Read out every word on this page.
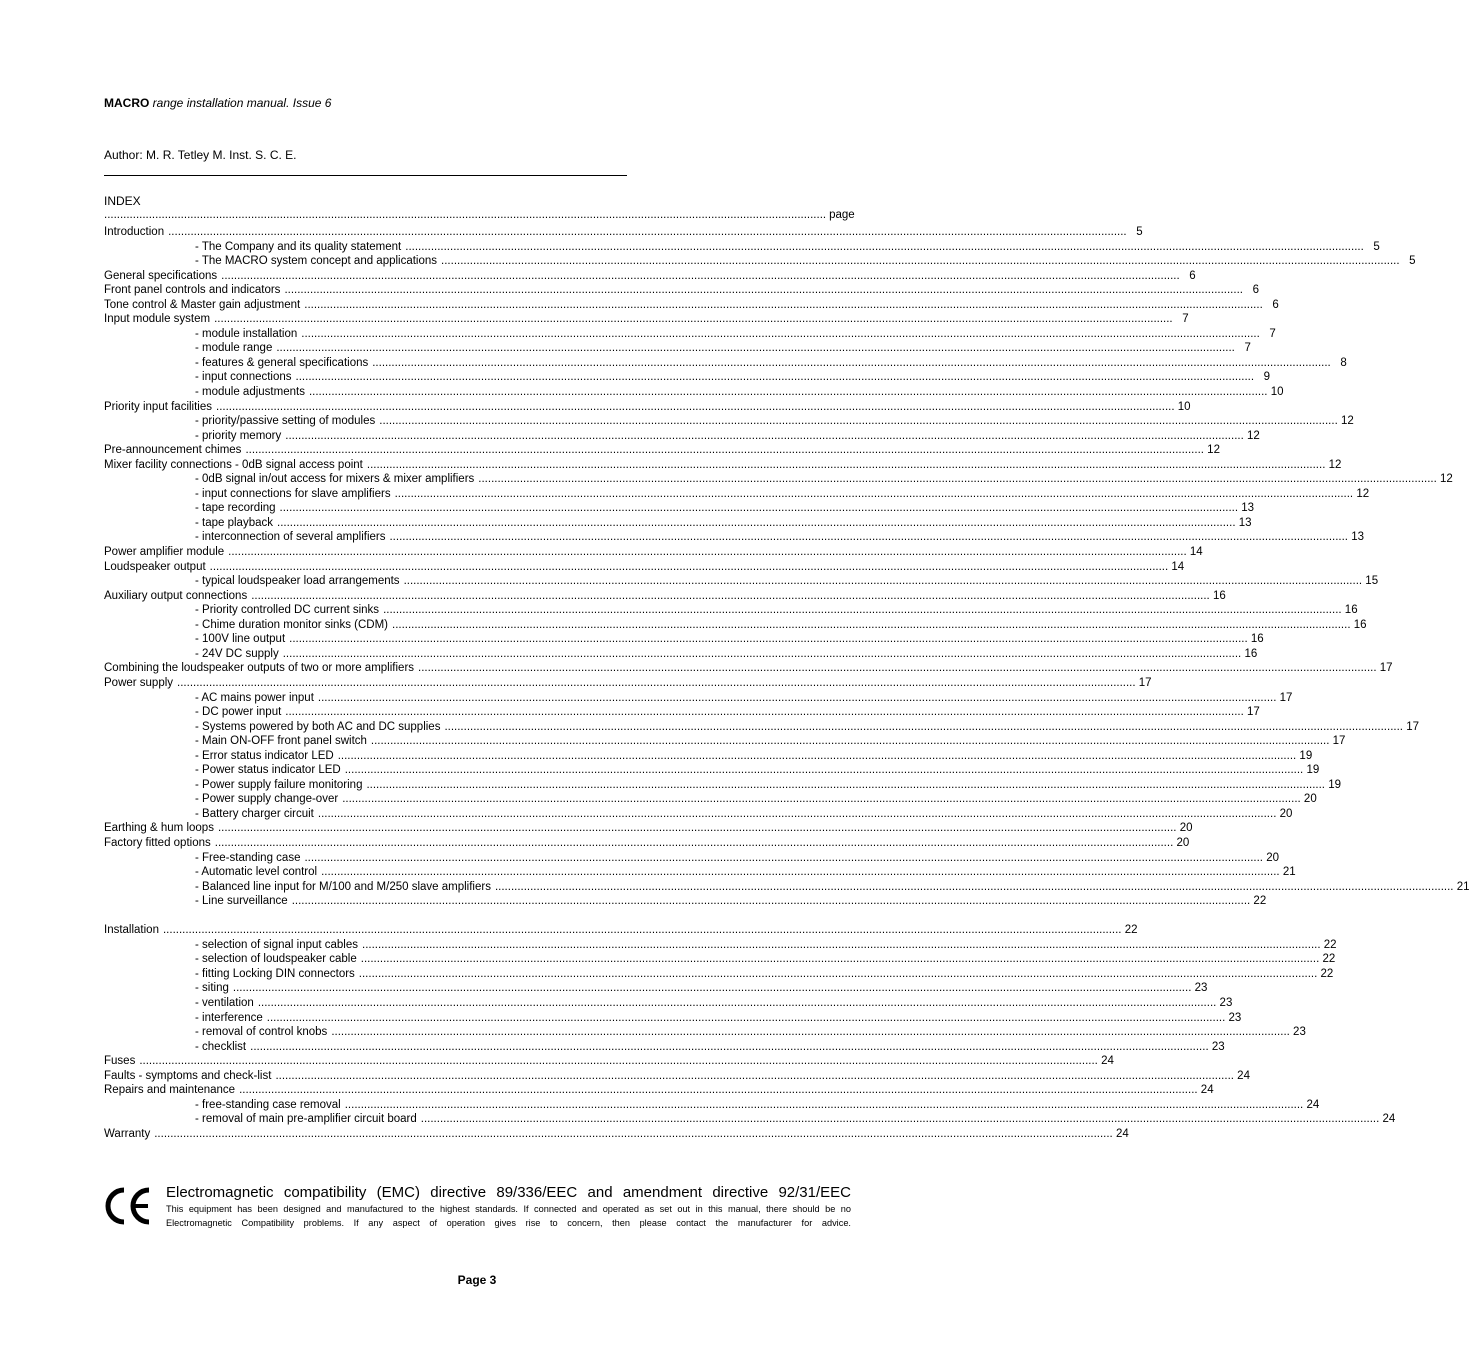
MACRO range installation manual. Issue 6
Author: M. R. Tetley M. Inst. S. C. E.
INDEX
.................................................................................................................................................................................................................................. page
Introduction ............................................................................................................................................................................................................................................................................................................ 5
- The Company and its quality statement ............................................................................................................................................................................................................................................................................................................ 5
- The MACRO system concept and applications ............................................................................................................................................................................................................................................................................................................ 5
General specifications ............................................................................................................................................................................................................................................................................................................ 6
Front panel controls and indicators ............................................................................................................................................................................................................................................................................................................ 6
Tone control & Master gain adjustment ............................................................................................................................................................................................................................................................................................................ 6
Input module system ............................................................................................................................................................................................................................................................................................................ 7
- module installation ............................................................................................................................................................................................................................................................................................................ 7
- module range ............................................................................................................................................................................................................................................................................................................ 7
- features & general specifications ............................................................................................................................................................................................................................................................................................................ 8
- input connections ............................................................................................................................................................................................................................................................................................................ 9
- module adjustments ............................................................................................................................................................................................................................................................................................................ 10
Priority input facilities ............................................................................................................................................................................................................................................................................................................ 10
- priority/passive setting of modules ............................................................................................................................................................................................................................................................................................................ 12
- priority memory ............................................................................................................................................................................................................................................................................................................ 12
Pre-announcement chimes ............................................................................................................................................................................................................................................................................................................ 12
Mixer facility connections - 0dB signal access point ............................................................................................................................................................................................................................................................................................................ 12
- 0dB signal in/out access for mixers & mixer amplifiers ............................................................................................................................................................................................................................................................................................................ 12
- input connections for slave amplifiers ............................................................................................................................................................................................................................................................................................................ 12
- tape recording ............................................................................................................................................................................................................................................................................................................ 13
- tape playback ............................................................................................................................................................................................................................................................................................................ 13
- interconnection of several amplifiers ............................................................................................................................................................................................................................................................................................................ 13
Power amplifier module ............................................................................................................................................................................................................................................................................................................ 14
Loudspeaker output ............................................................................................................................................................................................................................................................................................................ 14
- typical loudspeaker load arrangements ............................................................................................................................................................................................................................................................................................................ 15
Auxiliary output connections ............................................................................................................................................................................................................................................................................................................ 16
- Priority controlled DC current sinks ............................................................................................................................................................................................................................................................................................................ 16
- Chime duration monitor sinks (CDM) ............................................................................................................................................................................................................................................................................................................ 16
- 100V line output ............................................................................................................................................................................................................................................................................................................ 16
- 24V DC supply ............................................................................................................................................................................................................................................................................................................ 16
Combining the loudspeaker outputs of two or more amplifiers ............................................................................................................................................................................................................................................................................................................ 17
Power supply ............................................................................................................................................................................................................................................................................................................ 17
- AC mains power input ............................................................................................................................................................................................................................................................................................................ 17
- DC power input ............................................................................................................................................................................................................................................................................................................ 17
- Systems powered by both AC and DC supplies ............................................................................................................................................................................................................................................................................................................ 17
- Main ON-OFF front panel switch ............................................................................................................................................................................................................................................................................................................ 17
- Error status indicator LED ............................................................................................................................................................................................................................................................................................................ 19
- Power status indicator LED ............................................................................................................................................................................................................................................................................................................ 19
- Power supply failure monitoring ............................................................................................................................................................................................................................................................................................................ 19
- Power supply change-over ............................................................................................................................................................................................................................................................................................................ 20
- Battery charger circuit ............................................................................................................................................................................................................................................................................................................ 20
Earthing & hum loops ............................................................................................................................................................................................................................................................................................................ 20
Factory fitted options ............................................................................................................................................................................................................................................................................................................ 20
- Free-standing case ............................................................................................................................................................................................................................................................................................................ 20
- Automatic level control ............................................................................................................................................................................................................................................................................................................ 21
- Balanced line input for M/100 and M/250 slave amplifiers ............................................................................................................................................................................................................................................................................................................ 21
- Line surveillance ............................................................................................................................................................................................................................................................................................................ 22
Installation ............................................................................................................................................................................................................................................................................................................ 22
- selection of signal input cables ............................................................................................................................................................................................................................................................................................................ 22
- selection of loudspeaker cable ............................................................................................................................................................................................................................................................................................................ 22
- fitting Locking DIN connectors ............................................................................................................................................................................................................................................................................................................ 22
- siting ............................................................................................................................................................................................................................................................................................................ 23
- ventilation ............................................................................................................................................................................................................................................................................................................ 23
- interference ............................................................................................................................................................................................................................................................................................................ 23
- removal of control knobs ............................................................................................................................................................................................................................................................................................................ 23
- checklist ............................................................................................................................................................................................................................................................................................................ 23
Fuses ............................................................................................................................................................................................................................................................................................................ 24
Faults - symptoms and check-list ............................................................................................................................................................................................................................................................................................................ 24
Repairs and maintenance ............................................................................................................................................................................................................................................................................................................ 24
- free-standing case removal ............................................................................................................................................................................................................................................................................................................ 24
- removal of main pre-amplifier circuit board ............................................................................................................................................................................................................................................................................................................ 24
Warranty ............................................................................................................................................................................................................................................................................................................ 24
Electromagnetic compatibility (EMC) directive 89/336/EEC and amendment directive 92/31/EEC
This equipment has been designed and manufactured to the highest standards. If connected and operated as set out in this manual, there should be no
Electromagnetic Compatibility problems. If any aspect of operation gives rise to concern, then please contact the manufacturer for advice.
Page 3
